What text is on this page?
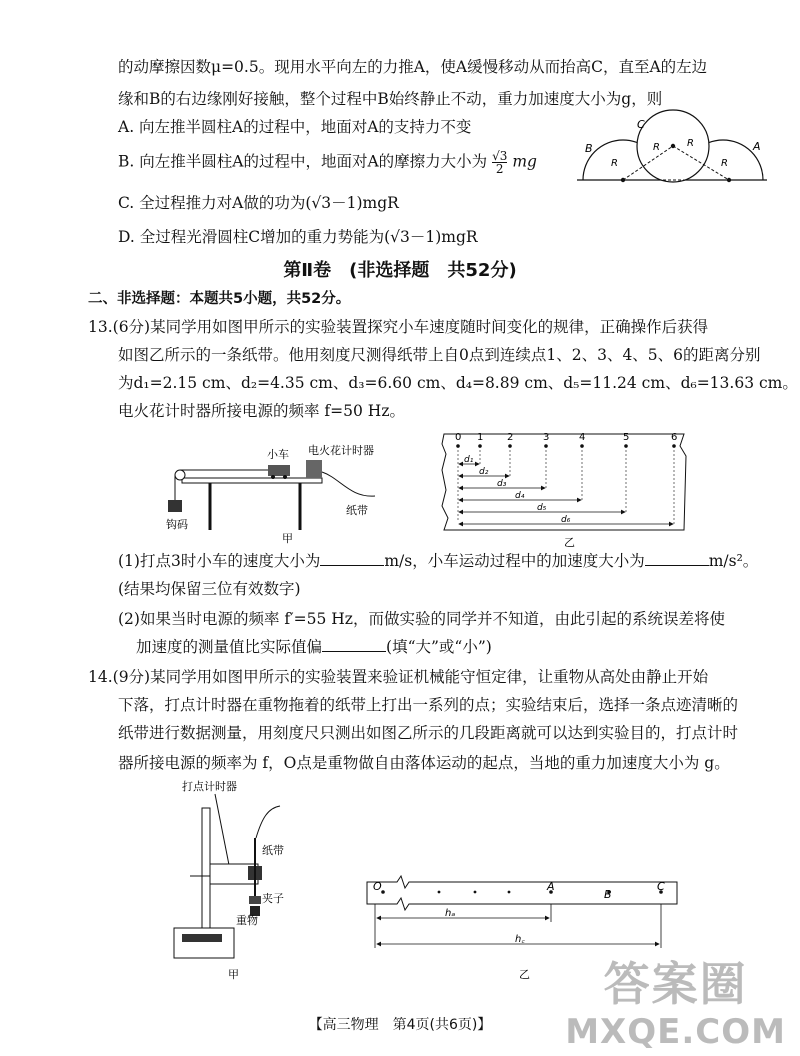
的动摩擦因数μ=0.5。现用水平向左的力推A，使A缓慢移动从而抬高C，直至A的左边
缘和B的右边缘刚好接触，整个过程中B始终静止不动，重力加速度大小为g，则
A. 向左推半圆柱A的过程中，地面对A的支持力不变
B. 向左推半圆柱A的过程中，地面对A的摩擦力大小为 $\frac{√3}{2}$ mg
C. 全过程推力对A做的功为(√3－1)mgR
D. 全过程光滑圆柱C增加的重力势能为(√3－1)mgR
B
C
A
R
R	R
R
第Ⅱ卷　(非选择题　共52分)
二、非选择题：本题共5小题，共52分。
13.(6分)某同学用如图甲所示的实验装置探究小车速度随时间变化的规律，正确操作后获得
如图乙所示的一条纸带。他用刻度尺测得纸带上自0点到连续点1、2、3、4、5、6的距离分别
为d₁=2.15 cm、d₂=4.35 cm、d₃=6.60 cm、d₄=8.89 cm、d₅=11.24 cm、d₆=13.63 cm。
电火花计时器所接电源的频率 f=50 Hz。
小车 电火花计时器
纸带
钩码
甲
0 1 2	3	4	5	6
d₁
d₂
d₃
d₄
d₅
d₆
乙
(1)打点3时小车的速度大小为	m/s，小车运动过程中的加速度大小为	m/s²。
(结果均保留三位有效数字)
(2)如果当时电源的频率 f′=55 Hz，而做实验的同学并不知道，由此引起的系统误差将使
加速度的测量值比实际值偏	(填“大”或“小”)
14.(9分)某同学用如图甲所示的实验装置来验证机械能守恒定律，让重物从高处由静止开始
下落，打点计时器在重物拖着的纸带上打出一系列的点；实验结束后，选择一条点迹清晰的
纸带进行数据测量，用刻度尺只测出如图乙所示的几段距离就可以达到实验目的，打点计时
器所接电源的频率为 f，O点是重物做自由落体运动的起点，当地的重力加速度大小为 g。
打点计时器
纸带
夹子
重物
甲
O	A
B
C
hₐ
h꜀
乙
【高三物理　第4页(共6页)】
答案圈
MXQE.COM
